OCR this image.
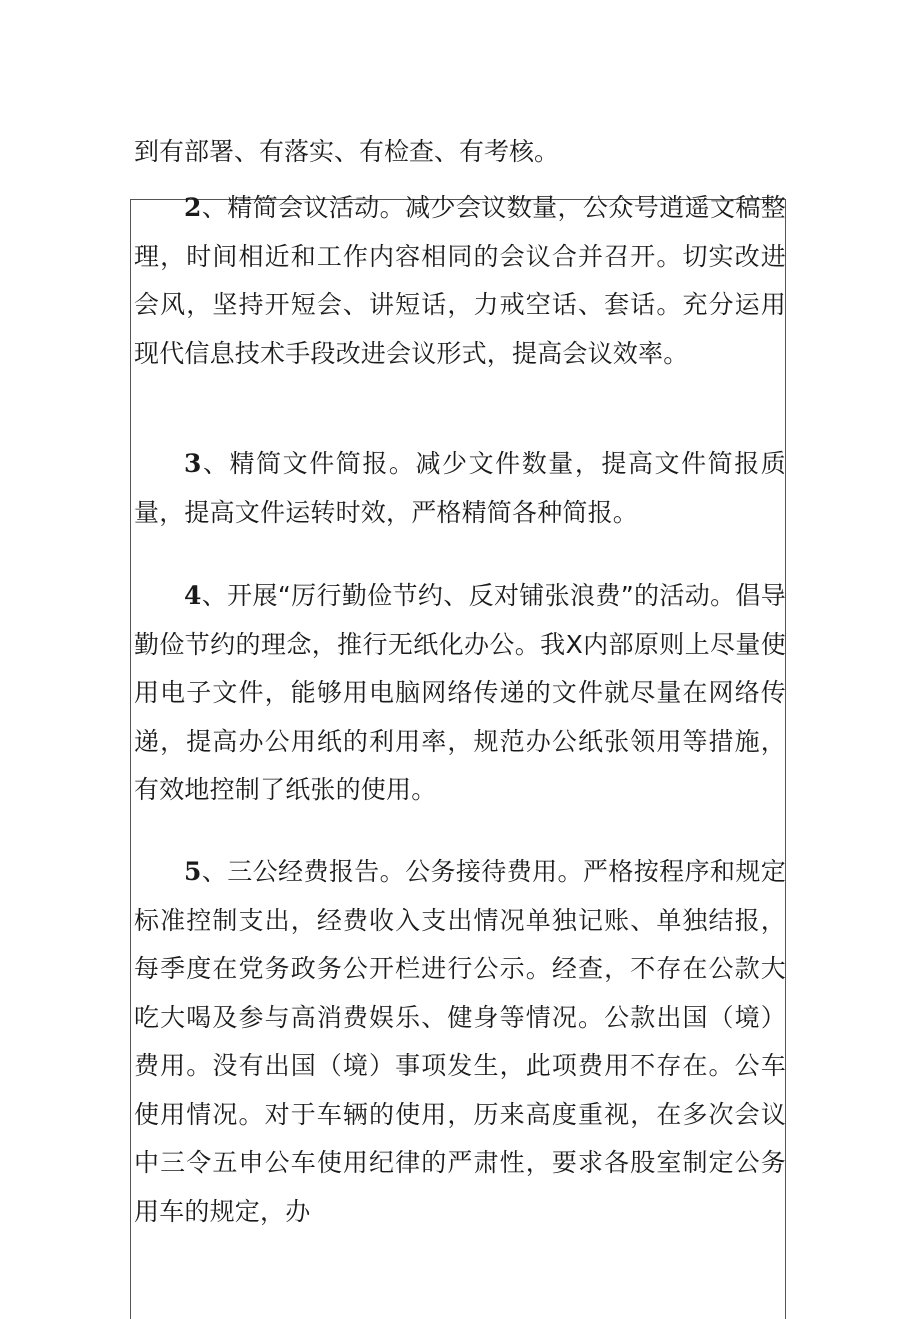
到有部署、有落实、有检查、有考核。

2、精简会议活动。减少会议数量，公众号逍遥文稿整理，时间相近和工作内容相同的会议合并召开。切实改进会风，坚持开短会、讲短话，力戒空话、套话。充分运用现代信息技术手段改进会议形式，提高会议效率。

3、精简文件简报。减少文件数量，提高文件简报质量，提高文件运转时效，严格精简各种简报。

4、开展“厉行勤俭节约、反对铺张浪费”的活动。倡导勤俭节约的理念，推行无纸化办公。我X内部原则上尽量使用电子文件，能够用电脑网络传递的文件就尽量在网络传递，提高办公用纸的利用率，规范办公纸张领用等措施，有效地控制了纸张的使用。

5、三公经费报告。公务接待费用。严格按程序和规定标准控制支出，经费收入支出情况单独记账、单独结报，每季度在党务政务公开栏进行公示。经查，不存在公款大吃大喝及参与高消费娱乐、健身等情况。公款出国（境）费用。没有出国（境）事项发生，此项费用不存在。公车使用情况。对于车辆的使用，历来高度重视，在多次会议中三令五申公车使用纪律的严肃性，要求各股室制定公务用车的规定，办
